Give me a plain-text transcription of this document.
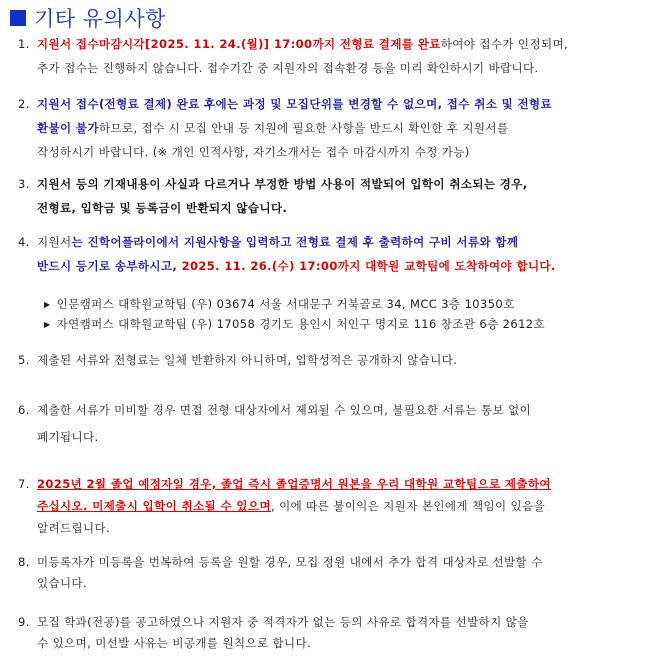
기타 유의사항
1. 지원서 접수마감시각[2025. 11. 24.(월)] 17:00까지 전형료 결제를 완료하여야 접수가 인정되며,
추가 접수는 진행하지 않습니다. 접수기간 중 지원자의 접속환경 등을 미리 확인하시기 바랍니다.
2. 지원서 접수(전형료 결제) 완료 후에는 과정 및 모집단위를 변경할 수 없으며, 접수 취소 및 전형료
환불이 불가하므로, 접수 시 모집 안내 등 지원에 필요한 사항을 반드시 확인한 후 지원서를
작성하시기 바랍니다. (※ 개인 인적사항, 자기소개서는 접수 마감시까지 수정 가능)
3. 지원서 등의 기재내용이 사실과 다르거나 부정한 방법 사용이 적발되어 입학이 취소되는 경우,
전형료, 입학금 및 등록금이 반환되지 않습니다.
4. 지원서는 진학어플라이에서 지원사항을 입력하고 전형료 결제 후 출력하여 구비 서류와 함께
반드시 등기로 송부하시고, 2025. 11. 26.(수) 17:00까지 대학원 교학팀에 도착하여야 합니다.
5. 제출된 서류와 전형료는 일체 반환하지 아니하며, 입학성적은 공개하지 않습니다.
6. 제출한 서류가 미비할 경우 면접 전형 대상자에서 제외될 수 있으며, 불필요한 서류는 통보 없이
폐기됩니다.
7. 2025년 2월 졸업 예정자일 경우, 졸업 즉시 졸업증명서 원본을 우리 대학원 교학팀으로 제출하여
주십시오. 미제출시 입학이 취소될 수 있으며, 이에 따른 불이익은 지원자 본인에게 책임이 있음을
알려드립니다.
8. 미등록자가 미등록을 번복하여 등록을 원할 경우, 모집 정원 내에서 추가 합격 대상자로 선발할 수
있습니다.
9. 모집 학과(전공)를 공고하였으나 지원자 중 적격자가 없는 등의 사유로 합격자를 선발하지 않을
수 있으며, 미선발 사유는 비공개를 원칙으로 합니다.
▶ 인문캠퍼스 대학원교학팀 (우) 03674 서울 서대문구 거북골로 34, MCC 3층 10350호
▶ 자연캠퍼스 대학원교학팀 (우) 17058 경기도 용인시 처인구 명지로 116 창조관 6층 2612호
